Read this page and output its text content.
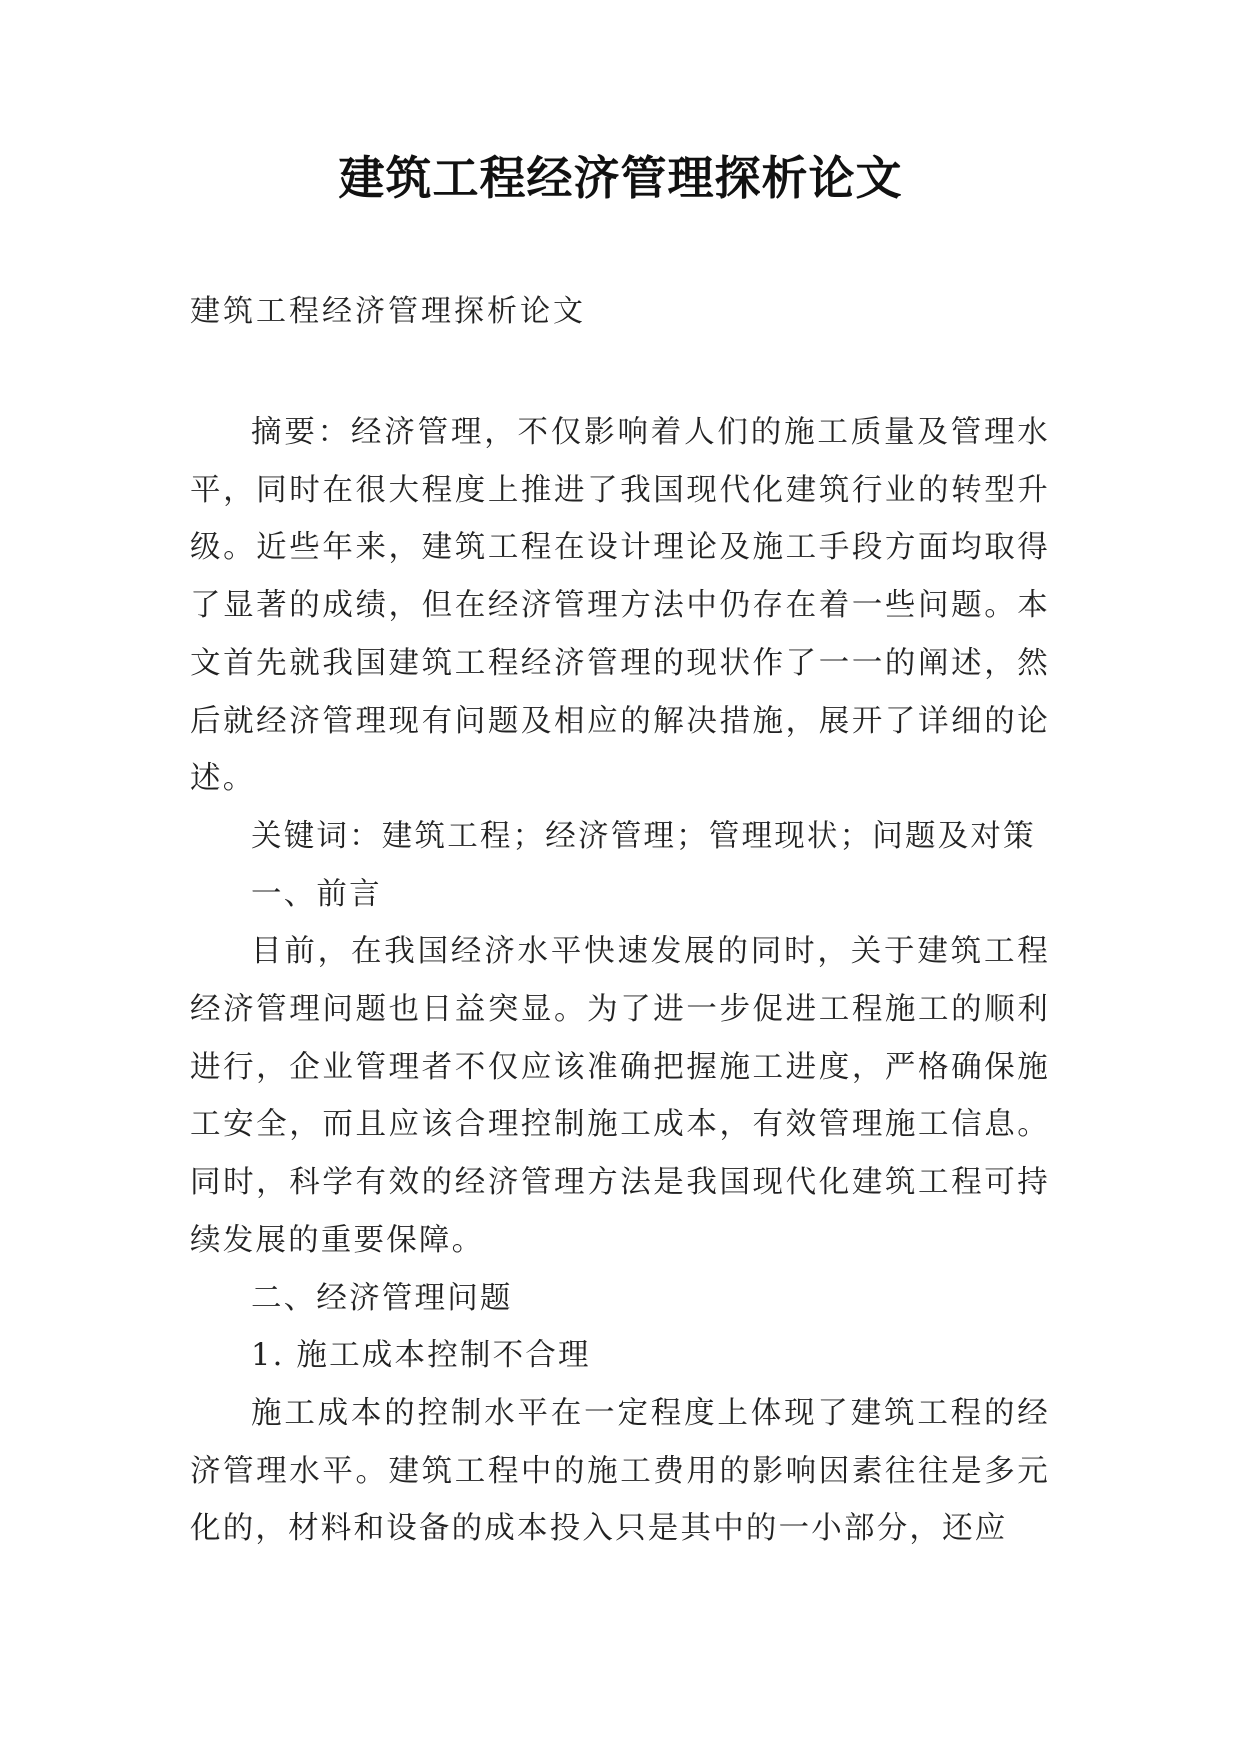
建筑工程经济管理探析论文
建筑工程经济管理探析论文

摘要：经济管理，不仅影响着人们的施工质量及管理水平，同时在很大程度上推进了我国现代化建筑行业的转型升级。近些年来，建筑工程在设计理论及施工手段方面均取得了显著的成绩，但在经济管理方法中仍存在着一些问题。本文首先就我国建筑工程经济管理的现状作了一一的阐述，然后就经济管理现有问题及相应的解决措施，展开了详细的论述。

关键词：建筑工程；经济管理；管理现状；问题及对策

一、前言

目前，在我国经济水平快速发展的同时，关于建筑工程经济管理问题也日益突显。为了进一步促进工程施工的顺利进行，企业管理者不仅应该准确把握施工进度，严格确保施工安全，而且应该合理控制施工成本，有效管理施工信息。同时，科学有效的经济管理方法是我国现代化建筑工程可持续发展的重要保障。

二、经济管理问题

1. 施工成本控制不合理

施工成本的控制水平在一定程度上体现了建筑工程的经济管理水平。建筑工程中的施工费用的影响因素往往是多元化的，材料和设备的成本投入只是其中的一小部分，还应
